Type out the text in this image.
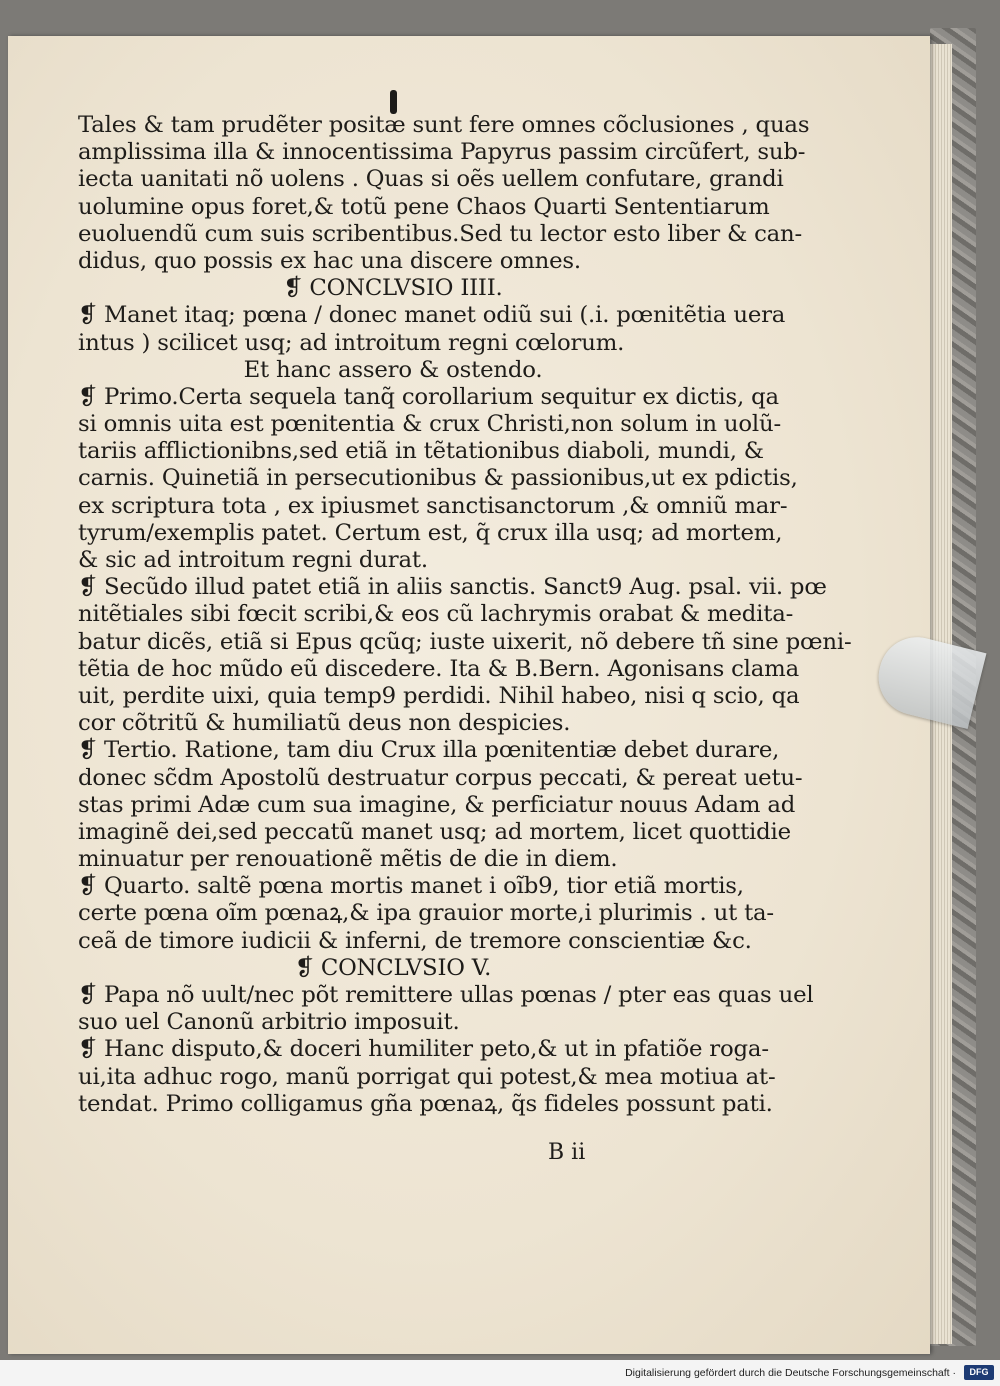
Tales & tam prudẽter positæ sunt fere omnes cõclusiones , quas
amplissima illa & innocentissima Papyrus passim circũfert, sub-
iecta uanitati nõ uolens . Quas si oẽs uellem confutare, grandi
uolumine opus foret,& totũ pene Chaos Quarti Sententiarum
euoluendũ cum suis scribentibus.Sed tu lector esto liber & can-
didus, quo possis ex hac una discere omnes.
❡ CONCLVSIO IIII.
❡ Manet itaq; pœna / donec manet odiũ sui (.i. pœnitẽtia uera
intus ) scilicet usq; ad introitum regni cœlorum.
Et hanc assero & ostendo.
❡ Primo.Certa sequela tanq̃ corollarium sequitur ex dictis, qa
si omnis uita est pœnitentia & crux Christi,non solum in uolũ-
tariis afflictionibns,sed etiã in tẽtationibus diaboli, mundi, &
carnis. Quinetiã in persecutionibus & passionibus,ut ex pdictis,
ex scriptura tota , ex ipiusmet sanctisanctorum ,& omniũ mar-
tyrum/exemplis patet. Certum est, q̃ crux illa usq; ad mortem,
& sic ad introitum regni durat.
❡ Secũdo illud patet etiã in aliis sanctis. Sanct9 Aug. psal. vii. pœ
nitẽtiales sibi fœcit scribi,& eos cũ lachrymis orabat & medita-
batur dicẽs, etiã si Epus qcũq; iuste uixerit, nõ debere tñ sine pœni-
tẽtia de hoc mũdo eũ discedere. Ita & B.Bern. Agonisans clama
uit, perdite uixi, quia temp9 perdidi. Nihil habeo, nisi q scio, qa
cor cõtritũ & humiliatũ deus non despicies.
❡ Tertio. Ratione, tam diu Crux illa pœnitentiæ debet durare,
donec sc̃dm Apostolũ destruatur corpus peccati, & pereat uetu-
stas primi Adæ cum sua imagine, & perficiatur nouus Adam ad
imaginẽ dei,sed peccatũ manet usq; ad mortem, licet quottidie
minuatur per renouationẽ mẽtis de die in diem.
❡ Quarto. saltẽ pœna mortis manet i oĩb9, tior etiã mortis,
certe pœna oĩm pœnaꝝ,& ipa grauior morte,i plurimis . ut ta-
ceã de timore iudicii & inferni, de tremore conscientiæ &c.
❡ CONCLVSIO V.
❡ Papa nõ uult/nec põt remittere ullas pœnas / pter eas quas uel
suo uel Canonũ arbitrio imposuit.
❡ Hanc disputo,& doceri humiliter peto,& ut in pfatiõe roga-
ui,ita adhuc rogo, manũ porrigat qui potest,& mea motiua at-
tendat. Primo colligamus gña pœnaꝝ, q̃s fideles possunt pati.
B ii
Digitalisierung gefördert durch die Deutsche Forschungsgemeinschaft ·	DFG
